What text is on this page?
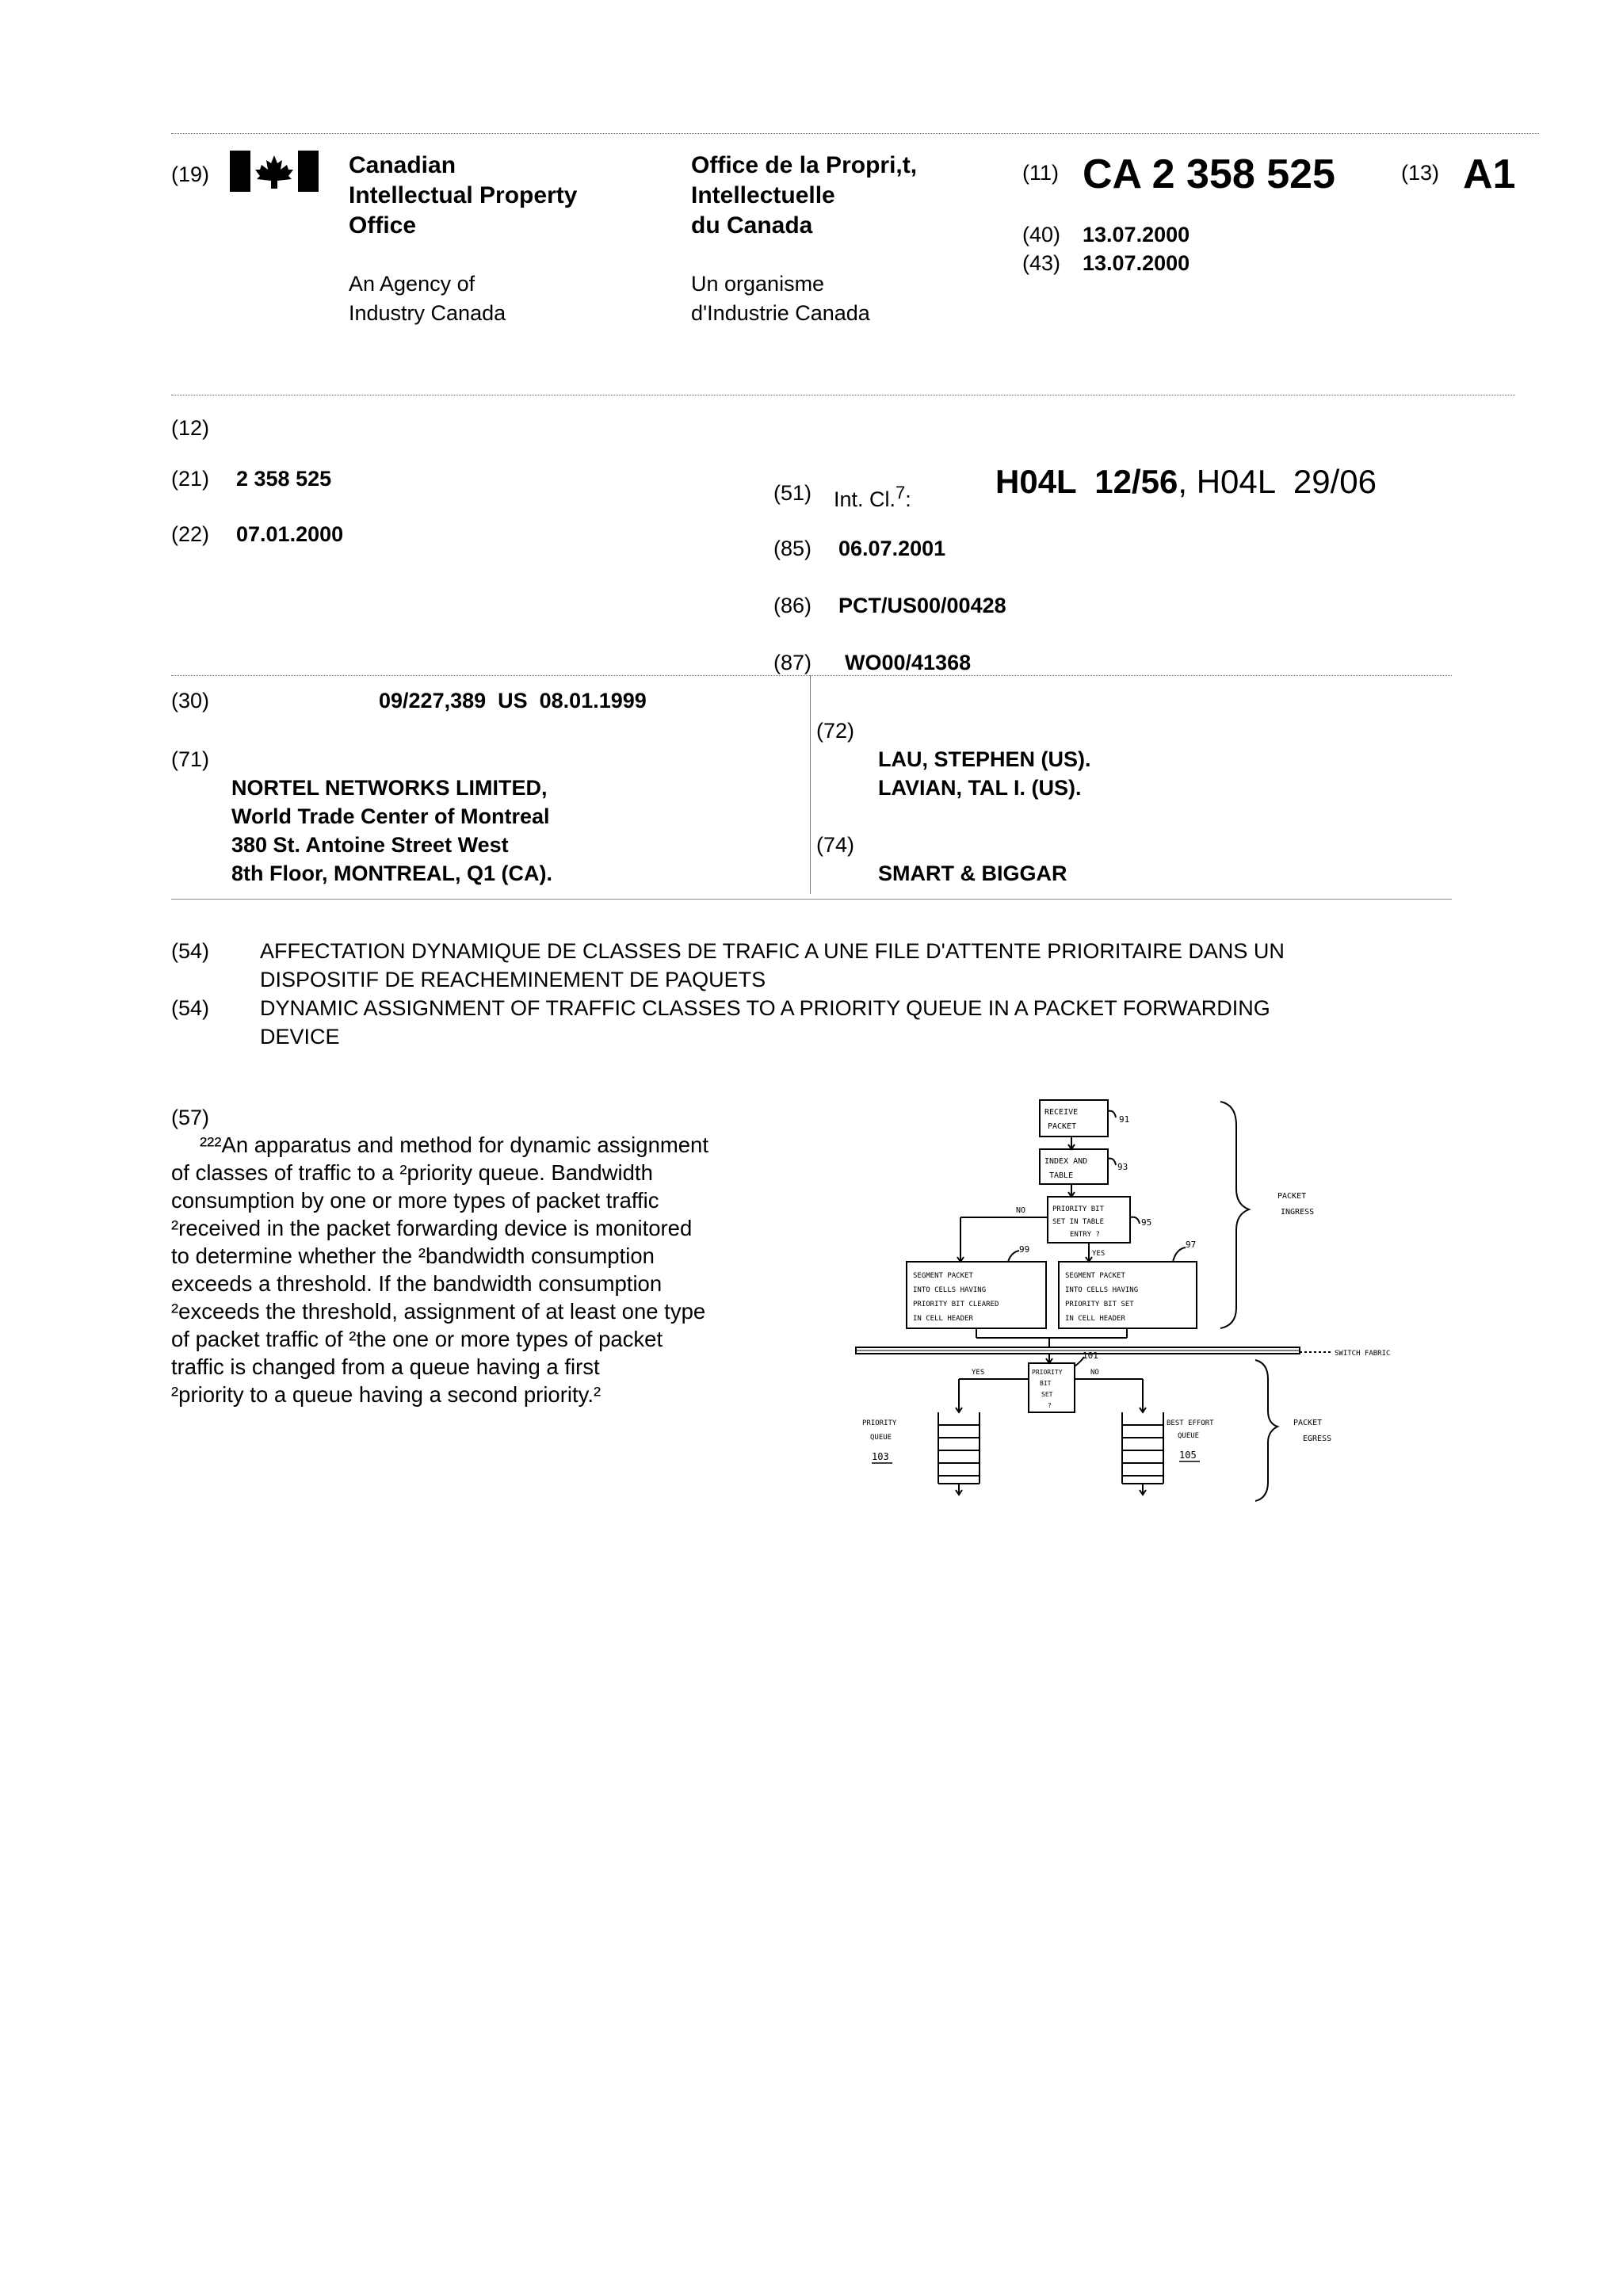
(19)	Canadian
Intellectual Property
Office
An Agency of
Industry Canada
Office de la Propri,t,
Intellectuelle
du Canada
Un organisme
d'Industrie Canada
(11) CA 2 358 525	(13) A1
(40) 13.07.2000
(43) 13.07.2000
(12)
(21) 2 358 525
(22) 07.01.2000
(51) Int. Cl.$^7$:	H04L  12/56, H04L  29/06
(85) 06.07.2001
(86) PCT/US00/00428
(87) WO00/41368
(30)	09/227,389  US  08.01.1999
(71)
NORTEL NETWORKS LIMITED,
World Trade Center of Montreal
380 St. Antoine Street West
8th Floor, MONTREAL, Q1 (CA).
(72)
LAU, STEPHEN (US).
LAVIAN, TAL I. (US).
(74)
SMART & BIGGAR
(54) AFFECTATION DYNAMIQUE DE CLASSES DE TRAFIC A UNE FILE D'ATTENTE PRIORITAIRE DANS UN
DISPOSITIF DE REACHEMINEMENT DE PAQUETS
(54) DYNAMIC ASSIGNMENT OF TRAFFIC CLASSES TO A PRIORITY QUEUE IN A PACKET FORWARDING
DEVICE
(57)
²²²An apparatus and method for dynamic assignment
of classes of traffic to a ²priority queue. Bandwidth
consumption by one or more types of packet traffic
²received in the packet forwarding device is monitored
to determine whether the ²bandwidth consumption
exceeds a threshold. If the bandwidth consumption
²exceeds the threshold, assignment of at least one type
of packet traffic of ²the one or more types of packet
traffic is changed from a queue having a first
²priority to a queue having a second priority.²
RECEIVE
PACKET
91
INDEX AND
TABLE
93
PRIORITY BIT
SET IN TABLE
ENTRY ?
95
NO
YES
SEGMENT PACKET
INTO CELLS HAVING
PRIORITY BIT CLEARED
IN CELL HEADER
99
SEGMENT PACKET
INTO CELLS HAVING
PRIORITY BIT SET
IN CELL HEADER
97
PACKET
INGRESS
SWITCH FABRIC
PRIORITY
BIT
SET
?
101
YES	NO
PRIORITY
QUEUE
103
BEST EFFORT
QUEUE
105
PACKET
EGRESS
